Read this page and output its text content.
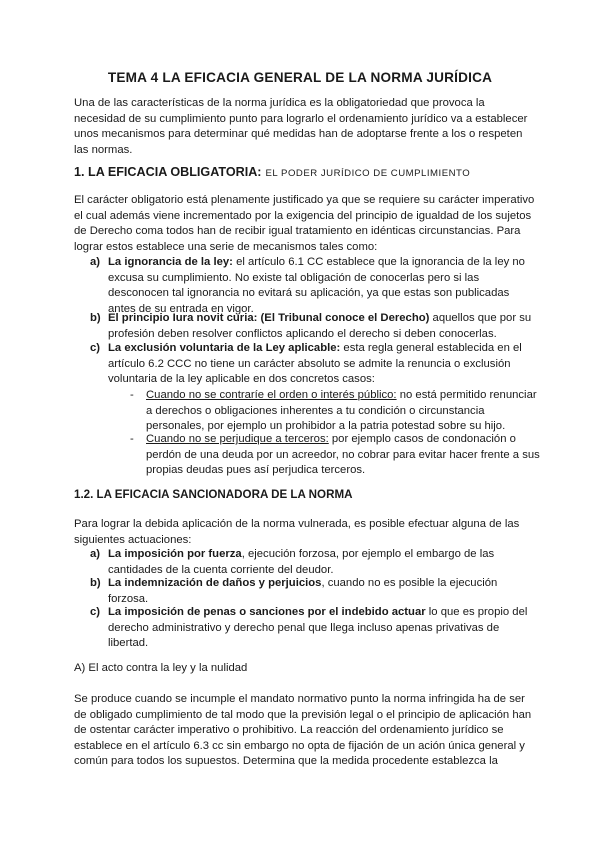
TEMA 4 LA EFICACIA GENERAL DE LA NORMA JURÍDICA

Una de las características de la norma jurídica es la obligatoriedad que provoca la necesidad de su cumplimiento punto para lograrlo el ordenamiento jurídico va a establecer unos mecanismos para determinar qué medidas han de adoptarse frente a los o respeten las normas.

1. LA EFICACIA OBLIGATORIA: EL PODER JURÍDICO DE CUMPLIMIENTO

El carácter obligatorio está plenamente justificado ya que se requiere su carácter imperativo el cual además viene incrementado por la exigencia del principio de igualdad de los sujetos de Derecho coma todos han de recibir igual tratamiento en idénticas circunstancias. Para lograr estos establece una serie de mecanismos tales como:

a) La ignorancia de la ley: el artículo 6.1 CC establece que la ignorancia de la ley no excusa su cumplimiento. No existe tal obligación de conocerlas pero si las desconocen tal ignorancia no evitará su aplicación, ya que estas son publicadas antes de su entrada en vigor.
b) El principio Iura novit curia: (El Tribunal conoce el Derecho) aquellos que por su profesión deben resolver conflictos aplicando el derecho si deben conocerlas.
c) La exclusión voluntaria de la Ley aplicable: esta regla general establecida en el artículo 6.2 CCC no tiene un carácter absoluto se admite la renuncia o exclusión voluntaria de la ley aplicable en dos concretos casos:
-	Cuando no se contraríe el orden o interés público: no está permitido renunciar a derechos o obligaciones inherentes a tu condición o circunstancia personales, por ejemplo un prohibidor a la patria potestad sobre su hijo.
-	Cuando no se perjudique a terceros: por ejemplo casos de condonación o perdón de una deuda por un acreedor, no cobrar para evitar hacer frente a sus propias deudas pues así perjudica terceros.
1.2. LA EFICACIA SANCIONADORA DE LA NORMA

Para lograr la debida aplicación de la norma vulnerada, es posible efectuar alguna de las siguientes actuaciones:

a) La imposición por fuerza, ejecución forzosa, por ejemplo el embargo de las cantidades de la cuenta corriente del deudor.
b) La indemnización de daños y perjuicios, cuando no es posible la ejecución forzosa.
c) La imposición de penas o sanciones por el indebido actuar lo que es propio del derecho administrativo y derecho penal que llega incluso apenas privativas de libertad.
A) El acto contra la ley y la nulidad

Se produce cuando se incumple el mandato normativo punto la norma infringida ha de ser de obligado cumplimiento de tal modo que la previsión legal o el principio de aplicación han de ostentar carácter imperativo o prohibitivo. La reacción del ordenamiento jurídico se establece en el artículo 6.3 cc sin embargo no opta de fijación de un ación única general y común para todos los supuestos. Determina que la medida procedente establezca la
